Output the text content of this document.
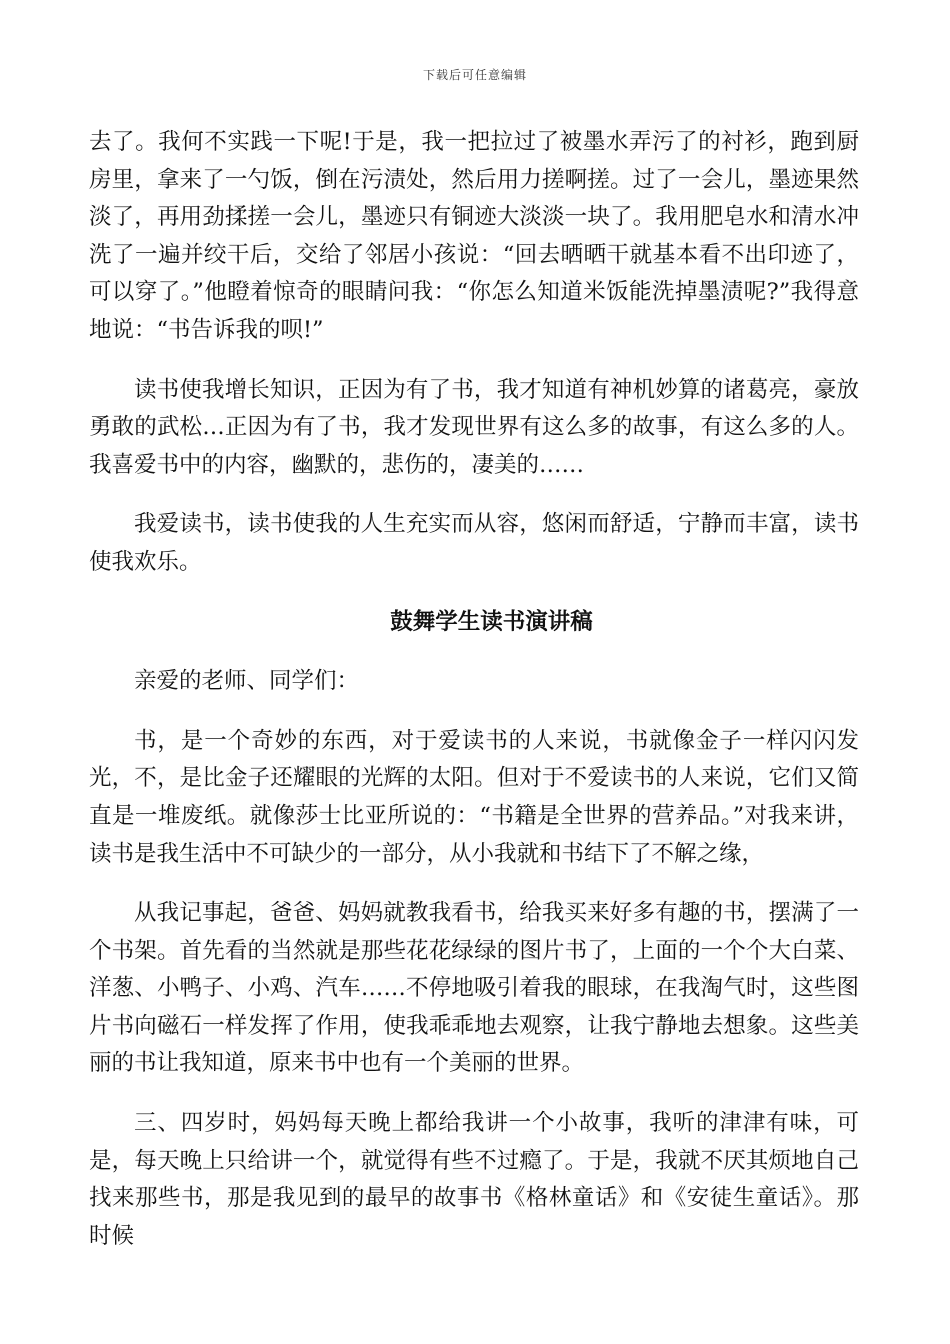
下载后可任意编辑

去了。我何不实践一下呢!于是，我一把拉过了被墨水弄污了的衬衫，跑到厨房里，拿来了一勺饭，倒在污渍处，然后用力搓啊搓。过了一会儿，墨迹果然淡了，再用劲揉搓一会儿，墨迹只有铜迹大淡淡一块了。我用肥皂水和清水冲洗了一遍并绞干后，交给了邻居小孩说：“回去晒晒干就基本看不出印迹了，可以穿了。”他瞪着惊奇的眼睛问我：“你怎么知道米饭能洗掉墨渍呢?”我得意地说：“书告诉我的呗!”

读书使我增长知识，正因为有了书，我才知道有神机妙算的诸葛亮，豪放勇敢的武松…正因为有了书，我才发现世界有这么多的故事，有这么多的人。我喜爱书中的内容，幽默的，悲伤的，凄美的……

我爱读书，读书使我的人生充实而从容，悠闲而舒适，宁静而丰富，读书使我欢乐。

鼓舞学生读书演讲稿

亲爱的老师、同学们：

书，是一个奇妙的东西，对于爱读书的人来说，书就像金子一样闪闪发光，不，是比金子还耀眼的光辉的太阳。但对于不爱读书的人来说，它们又简直是一堆废纸。就像莎士比亚所说的：“书籍是全世界的营养品。”对我来讲，读书是我生活中不可缺少的一部分，从小我就和书结下了不解之缘，

从我记事起，爸爸、妈妈就教我看书，给我买来好多有趣的书，摆满了一个书架。首先看的当然就是那些花花绿绿的图片书了，上面的一个个大白菜、洋葱、小鸭子、小鸡、汽车……不停地吸引着我的眼球，在我淘气时，这些图片书向磁石一样发挥了作用，使我乖乖地去观察，让我宁静地去想象。这些美丽的书让我知道，原来书中也有一个美丽的世界。

三、四岁时，妈妈每天晚上都给我讲一个小故事，我听的津津有味，可是，每天晚上只给讲一个，就觉得有些不过瘾了。于是，我就不厌其烦地自己找来那些书，那是我见到的最早的故事书《格林童话》和《安徒生童话》。那时候
